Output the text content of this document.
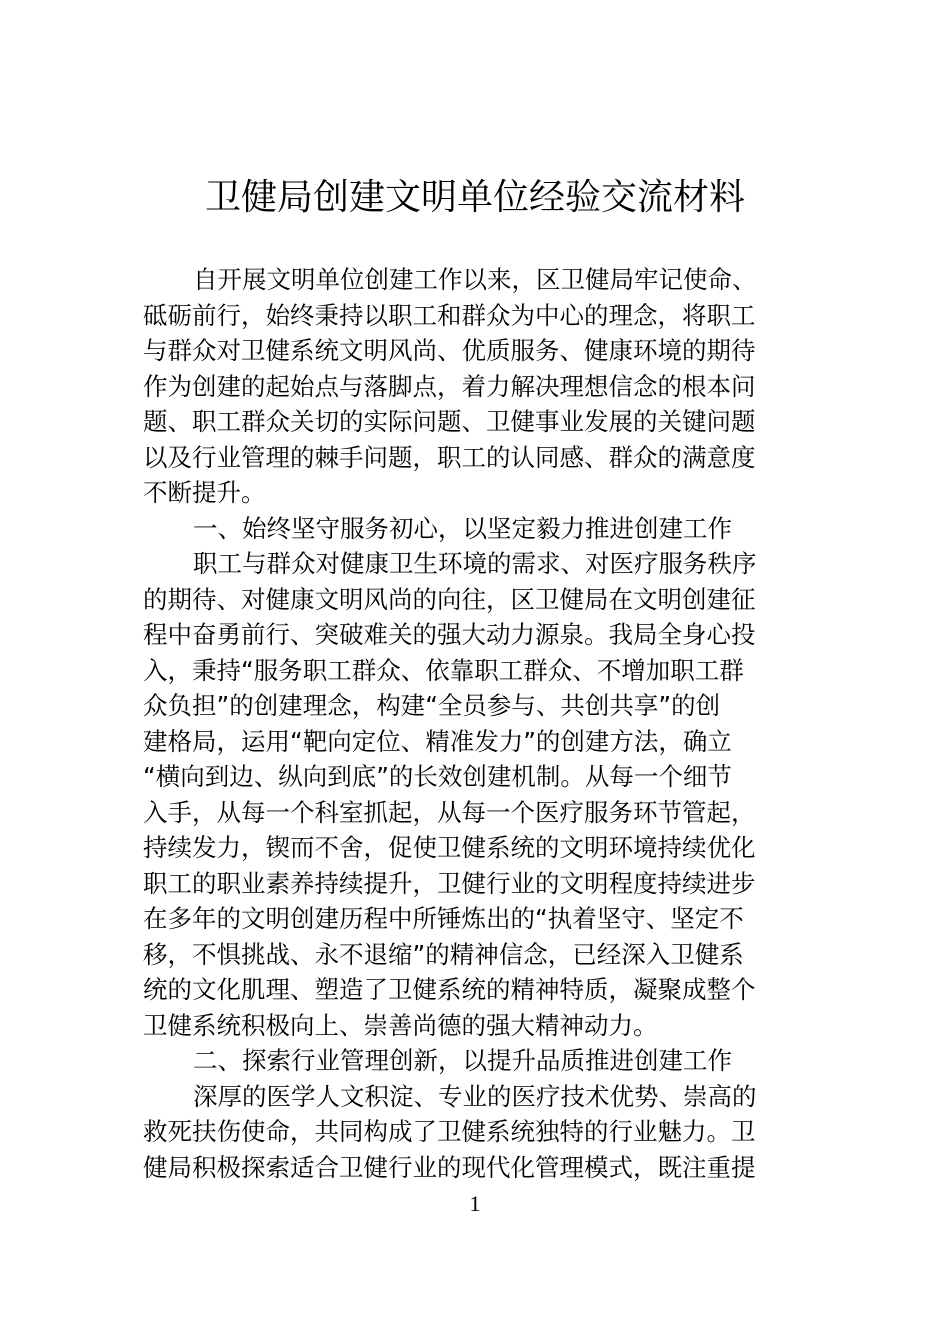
卫健局创建文明单位经验交流材料
自开展文明单位创建工作以来，区卫健局牢记使命、
砥砺前行，始终秉持以职工和群众为中心的理念，将职工
与群众对卫健系统文明风尚、优质服务、健康环境的期待
作为创建的起始点与落脚点，着力解决理想信念的根本问
题、职工群众关切的实际问题、卫健事业发展的关键问题
以及行业管理的棘手问题，职工的认同感、群众的满意度
不断提升。
一、始终坚守服务初心，以坚定毅力推进创建工作
职工与群众对健康卫生环境的需求、对医疗服务秩序
的期待、对健康文明风尚的向往，区卫健局在文明创建征
程中奋勇前行、突破难关的强大动力源泉。我局全身心投
入，秉持“服务职工群众、依靠职工群众、不增加职工群
众负担”的创建理念，构建“全员参与、共创共享”的创
建格局，运用“靶向定位、精准发力”的创建方法，确立
“横向到边、纵向到底”的长效创建机制。从每一个细节
入手，从每一个科室抓起，从每一个医疗服务环节管起，
持续发力，锲而不舍，促使卫健系统的文明环境持续优化
职工的职业素养持续提升，卫健行业的文明程度持续进步
在多年的文明创建历程中所锤炼出的“执着坚守、坚定不
移，不惧挑战、永不退缩”的精神信念，已经深入卫健系
统的文化肌理、塑造了卫健系统的精神特质，凝聚成整个
卫健系统积极向上、崇善尚德的强大精神动力。
二、探索行业管理创新，以提升品质推进创建工作
深厚的医学人文积淀、专业的医疗技术优势、崇高的
救死扶伤使命，共同构成了卫健系统独特的行业魅力。卫
健局积极探索适合卫健行业的现代化管理模式，既注重提
1
